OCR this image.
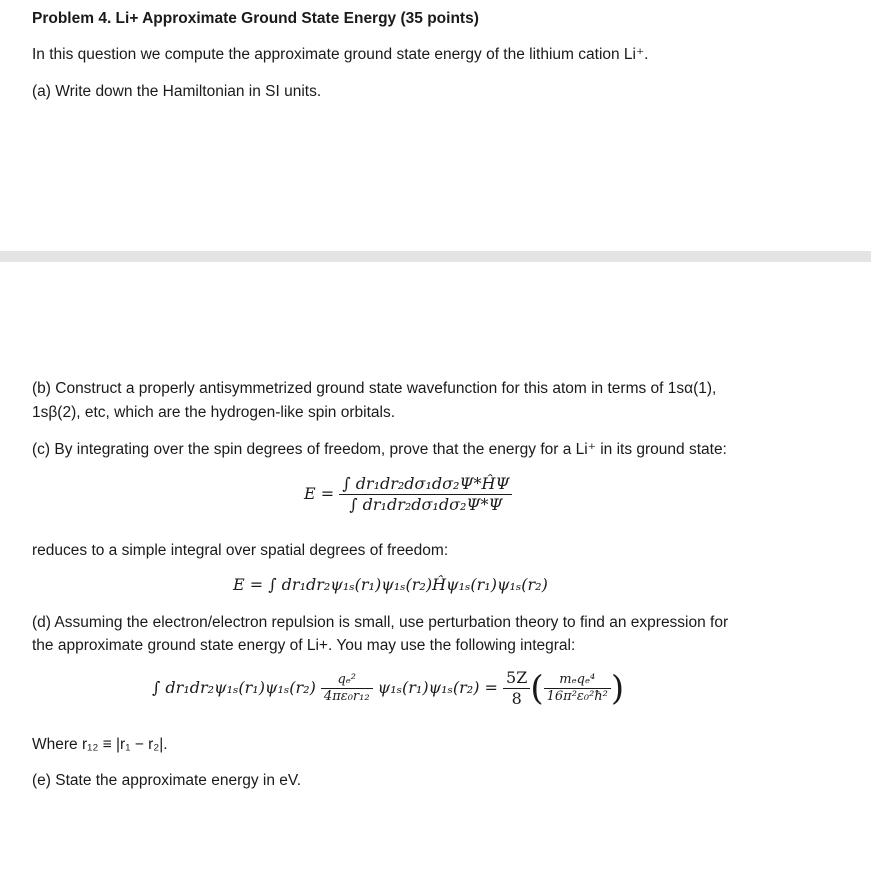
Problem 4. Li+ Approximate Ground State Energy (35 points)
In this question we compute the approximate ground state energy of the lithium cation Li⁺.
(a) Write down the Hamiltonian in SI units.
(b) Construct a properly antisymmetrized ground state wavefunction for this atom in terms of 1sα(1),
1sβ(2), etc, which are the hydrogen-like spin orbitals.
(c) By integrating over the spin degrees of freedom, prove that the energy for a Li⁺ in its ground state:
$E = \frac{\text{∫ dr₁dr₂dσ₁dσ₂Ψ*ĤΨ}}{\text{∫ dr₁dr₂dσ₁dσ₂Ψ*Ψ}}$
reduces to a simple integral over spatial degrees of freedom:
E = ∫ dr₁dr₂ψ₁ₛ(r₁)ψ₁ₛ(r₂)Ĥψ₁ₛ(r₁)ψ₁ₛ(r₂)
(d) Assuming the electron/electron repulsion is small, use perturbation theory to find an expression for
the approximate ground state energy of Li+. You may use the following integral:
∫ $dr_1dr_2\psi_{1s}(r_1)\psi_{1s}(r_2) \frac{\text{qₑ²}}{\text{4πε₀r₁₂}} \psi_{1s}(r_1)\psi_{1s}(r_2) = \frac{5Z}{8}$ ( $\frac{\text{mₑqₑ⁴}}{\text{16π²ε₀²ħ²}}$ )
Where r₁₂ ≡ |r₁ − r₂|.
(e) State the approximate energy in eV.
